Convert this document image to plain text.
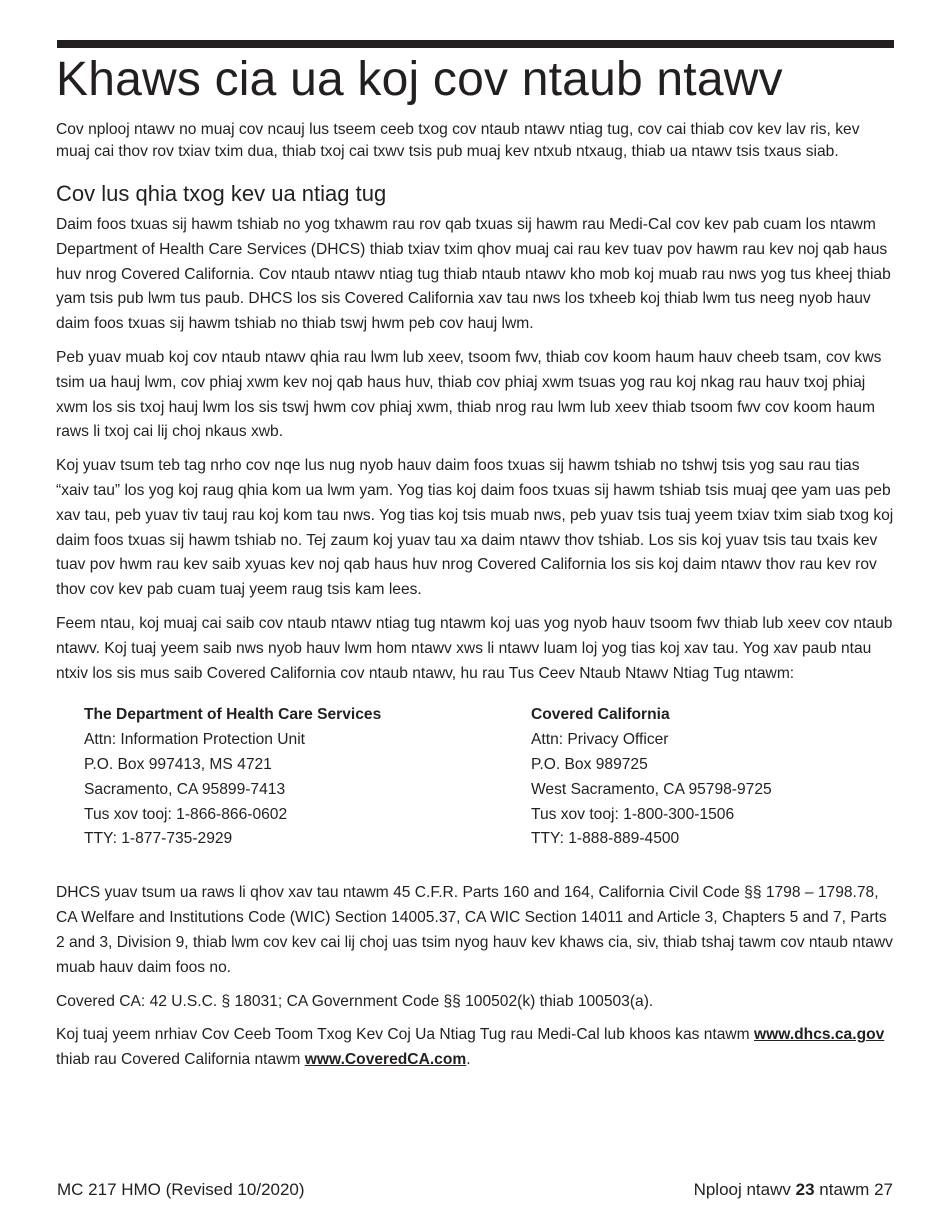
Khaws cia ua koj cov ntaub ntawv

Cov nplooj ntawv no muaj cov ncauj lus tseem ceeb txog cov ntaub ntawv ntiag tug, cov cai thiab cov kev lav ris, kev muaj cai thov rov txiav txim dua, thiab txoj cai txwv tsis pub muaj kev ntxub ntxaug, thiab ua ntawv tsis txaus siab.

Cov lus qhia txog kev ua ntiag tug

Daim foos txuas sij hawm tshiab no yog txhawm rau rov qab txuas sij hawm rau Medi-Cal cov kev pab cuam los ntawm Department of Health Care Services (DHCS) thiab txiav txim qhov muaj cai rau kev tuav pov hawm rau kev noj qab haus huv nrog Covered California. Cov ntaub ntawv ntiag tug thiab ntaub ntawv kho mob koj muab rau nws yog tus kheej thiab yam tsis pub lwm tus paub. DHCS los sis Covered California xav tau nws los txheeb koj thiab lwm tus neeg nyob hauv daim foos txuas sij hawm tshiab no thiab tswj hwm peb cov hauj lwm.

Peb yuav muab koj cov ntaub ntawv qhia rau lwm lub xeev, tsoom fwv, thiab cov koom haum hauv cheeb tsam, cov kws tsim ua hauj lwm, cov phiaj xwm kev noj qab haus huv, thiab cov phiaj xwm tsuas yog rau koj nkag rau hauv txoj phiaj xwm los sis txoj hauj lwm los sis tswj hwm cov phiaj xwm, thiab nrog rau lwm lub xeev thiab tsoom fwv cov koom haum raws li txoj cai lij choj nkaus xwb.

Koj yuav tsum teb tag nrho cov nqe lus nug nyob hauv daim foos txuas sij hawm tshiab no tshwj tsis yog sau rau tias “xaiv tau” los yog koj raug qhia kom ua lwm yam. Yog tias koj daim foos txuas sij hawm tshiab tsis muaj qee yam uas peb xav tau, peb yuav tiv tauj rau koj kom tau nws. Yog tias koj tsis muab nws, peb yuav tsis tuaj yeem txiav txim siab txog koj daim foos txuas sij hawm tshiab no. Tej zaum koj yuav tau xa daim ntawv thov tshiab. Los sis koj yuav tsis tau txais kev tuav pov hwm rau kev saib xyuas kev noj qab haus huv nrog Covered California los sis koj daim ntawv thov rau kev rov thov cov kev pab cuam tuaj yeem raug tsis kam lees.

Feem ntau, koj muaj cai saib cov ntaub ntawv ntiag tug ntawm koj uas yog nyob hauv tsoom fwv thiab lub xeev cov ntaub ntawv. Koj tuaj yeem saib nws nyob hauv lwm hom ntawv xws li ntawv luam loj yog tias koj xav tau. Yog xav paub ntau ntxiv los sis mus saib Covered California cov ntaub ntawv, hu rau Tus Ceev Ntaub Ntawv Ntiag Tug ntawm:

The Department of Health Care Services
Attn: Information Protection Unit
P.O. Box 997413, MS 4721
Sacramento, CA 95899-7413
Tus xov tooj: 1-866-866-0602
TTY: 1-877-735-2929
Covered California
Attn: Privacy Officer
P.O. Box 989725
West Sacramento, CA 95798-9725
Tus xov tooj: 1-800-300-1506
TTY: 1-888-889-4500

DHCS yuav tsum ua raws li qhov xav tau ntawm 45 C.F.R. Parts 160 and 164, California Civil Code §§ 1798 – 1798.78, CA Welfare and Institutions Code (WIC) Section 14005.37, CA WIC Section 14011 and Article 3, Chapters 5 and 7, Parts 2 and 3, Division 9, thiab lwm cov kev cai lij choj uas tsim nyog hauv kev khaws cia, siv, thiab tshaj tawm cov ntaub ntawv muab hauv daim foos no.

Covered CA: 42 U.S.C. § 18031; CA Government Code §§ 100502(k) thiab 100503(a).

Koj tuaj yeem nrhiav Cov Ceeb Toom Txog Kev Coj Ua Ntiag Tug rau Medi-Cal lub khoos kas ntawm www.dhcs.ca.gov thiab rau Covered California ntawm www.CoveredCA.com.

MC 217 HMO (Revised 10/2020)	Nplooj ntawv 23 ntawm 27
